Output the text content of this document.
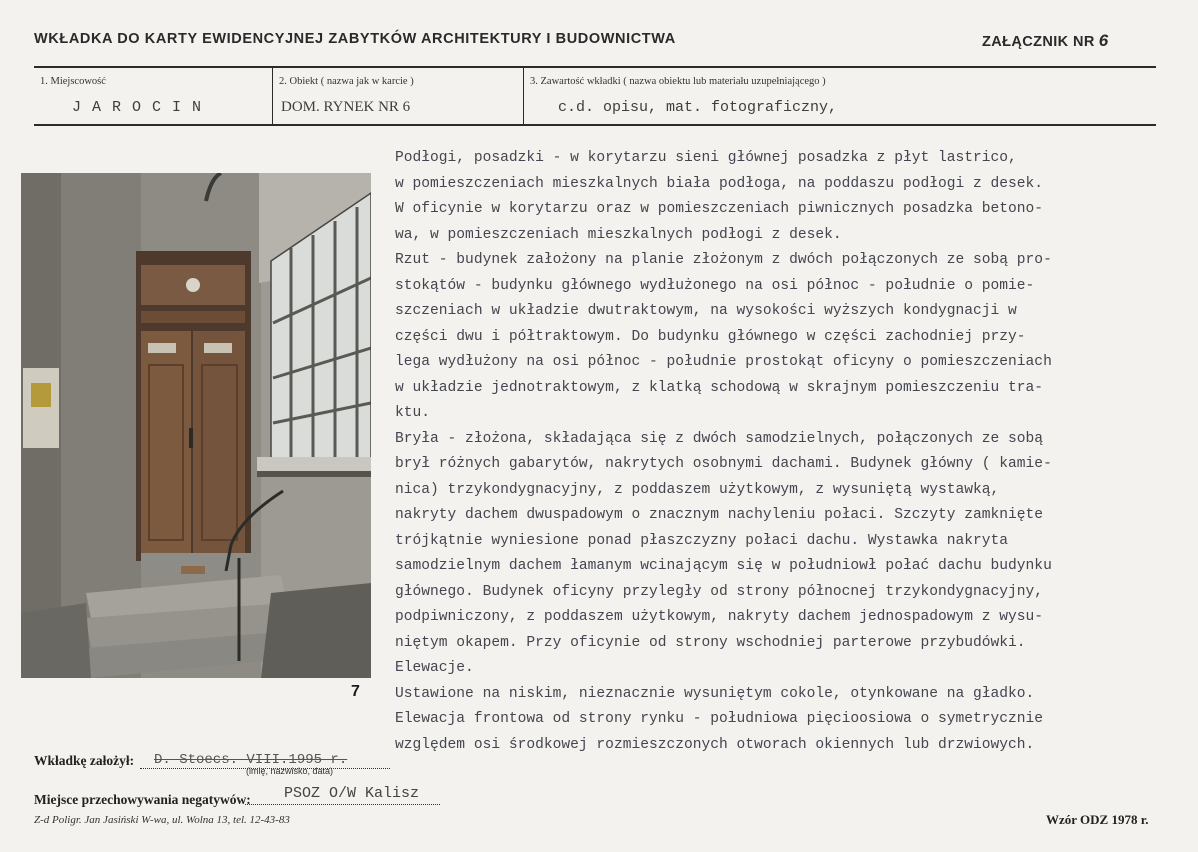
WKŁADKA DO KARTY EWIDENCYJNEJ ZABYTKÓW ARCHITEKTURY I BUDOWNICTWA	ZAŁĄCZNIK NR 6
1. Miejscowość
JAROCIN
2. Obiekt ( nazwa jak w karcie )
DOM. RYNEK NR 6
3. Zawartość wkładki ( nazwa obiektu lub materiału uzupełniającego )
c.d. opisu, mat. fotograficzny,
7

Podłogi, posadzki - w korytarzu sieni głównej posadzka z płyt lastrico,

w pomieszczeniach mieszkalnych biała podłoga, na poddaszu podłogi z desek.

W oficynie w korytarzu oraz w pomieszczeniach piwnicznych posadzka betono-

wa, w pomieszczeniach mieszkalnych podłogi z desek.

Rzut - budynek założony na planie złożonym z dwóch połączonych ze sobą pro-

stokątów - budynku głównego wydłużonego na osi północ - południe o pomie-

szczeniach w układzie dwutraktowym, na wysokości wyższych kondygnacji w

części dwu i półtraktowym. Do budynku głównego w części zachodniej przy-

lega wydłużony na osi północ - południe prostokąt oficyny o pomieszczeniach

w układzie jednotraktowym, z klatką schodową w skrajnym pomieszczeniu tra-

ktu.

Bryła - złożona, składająca się z dwóch samodzielnych, połączonych ze sobą

brył różnych gabarytów, nakrytych osobnymi dachami. Budynek główny ( kamie-

nica) trzykondygnacyjny, z poddaszem użytkowym, z wysuniętą wystawką,

nakryty dachem dwuspadowym o znacznym nachyleniu połaci. Szczyty zamknięte

trójkątnie wyniesione ponad płaszczyzny połaci dachu. Wystawka nakryta

samodzielnym dachem łamanym wcinającym się w południowł połać dachu budynku

głównego. Budynek oficyny przyległy od strony północnej trzykondygnacyjny,

podpiwniczony, z poddaszem użytkowym, nakryty dachem jednospadowym z wysu-

niętym okapem. Przy oficynie od strony wschodniej parterowe przybudówki.

Elewacje.

Ustawione na niskim, nieznacznie wysuniętym cokole, otynkowane na gładko.

Elewacja frontowa od strony rynku - południowa pięcioosiowa o symetrycznie

względem osi środkowej rozmieszczonych otworach okiennych lub drzwiowych.

Wkładkę założył: D. Stoecs. VIII.1995 r.
(imię, nazwisko, data)
Miejsce przechowywania negatywów: PSOZ O/W Kalisz
Z-d Poligr. Jan Jasiński W-wa, ul. Wolna 13, tel. 12-43-83	Wzór ODZ 1978 r.
